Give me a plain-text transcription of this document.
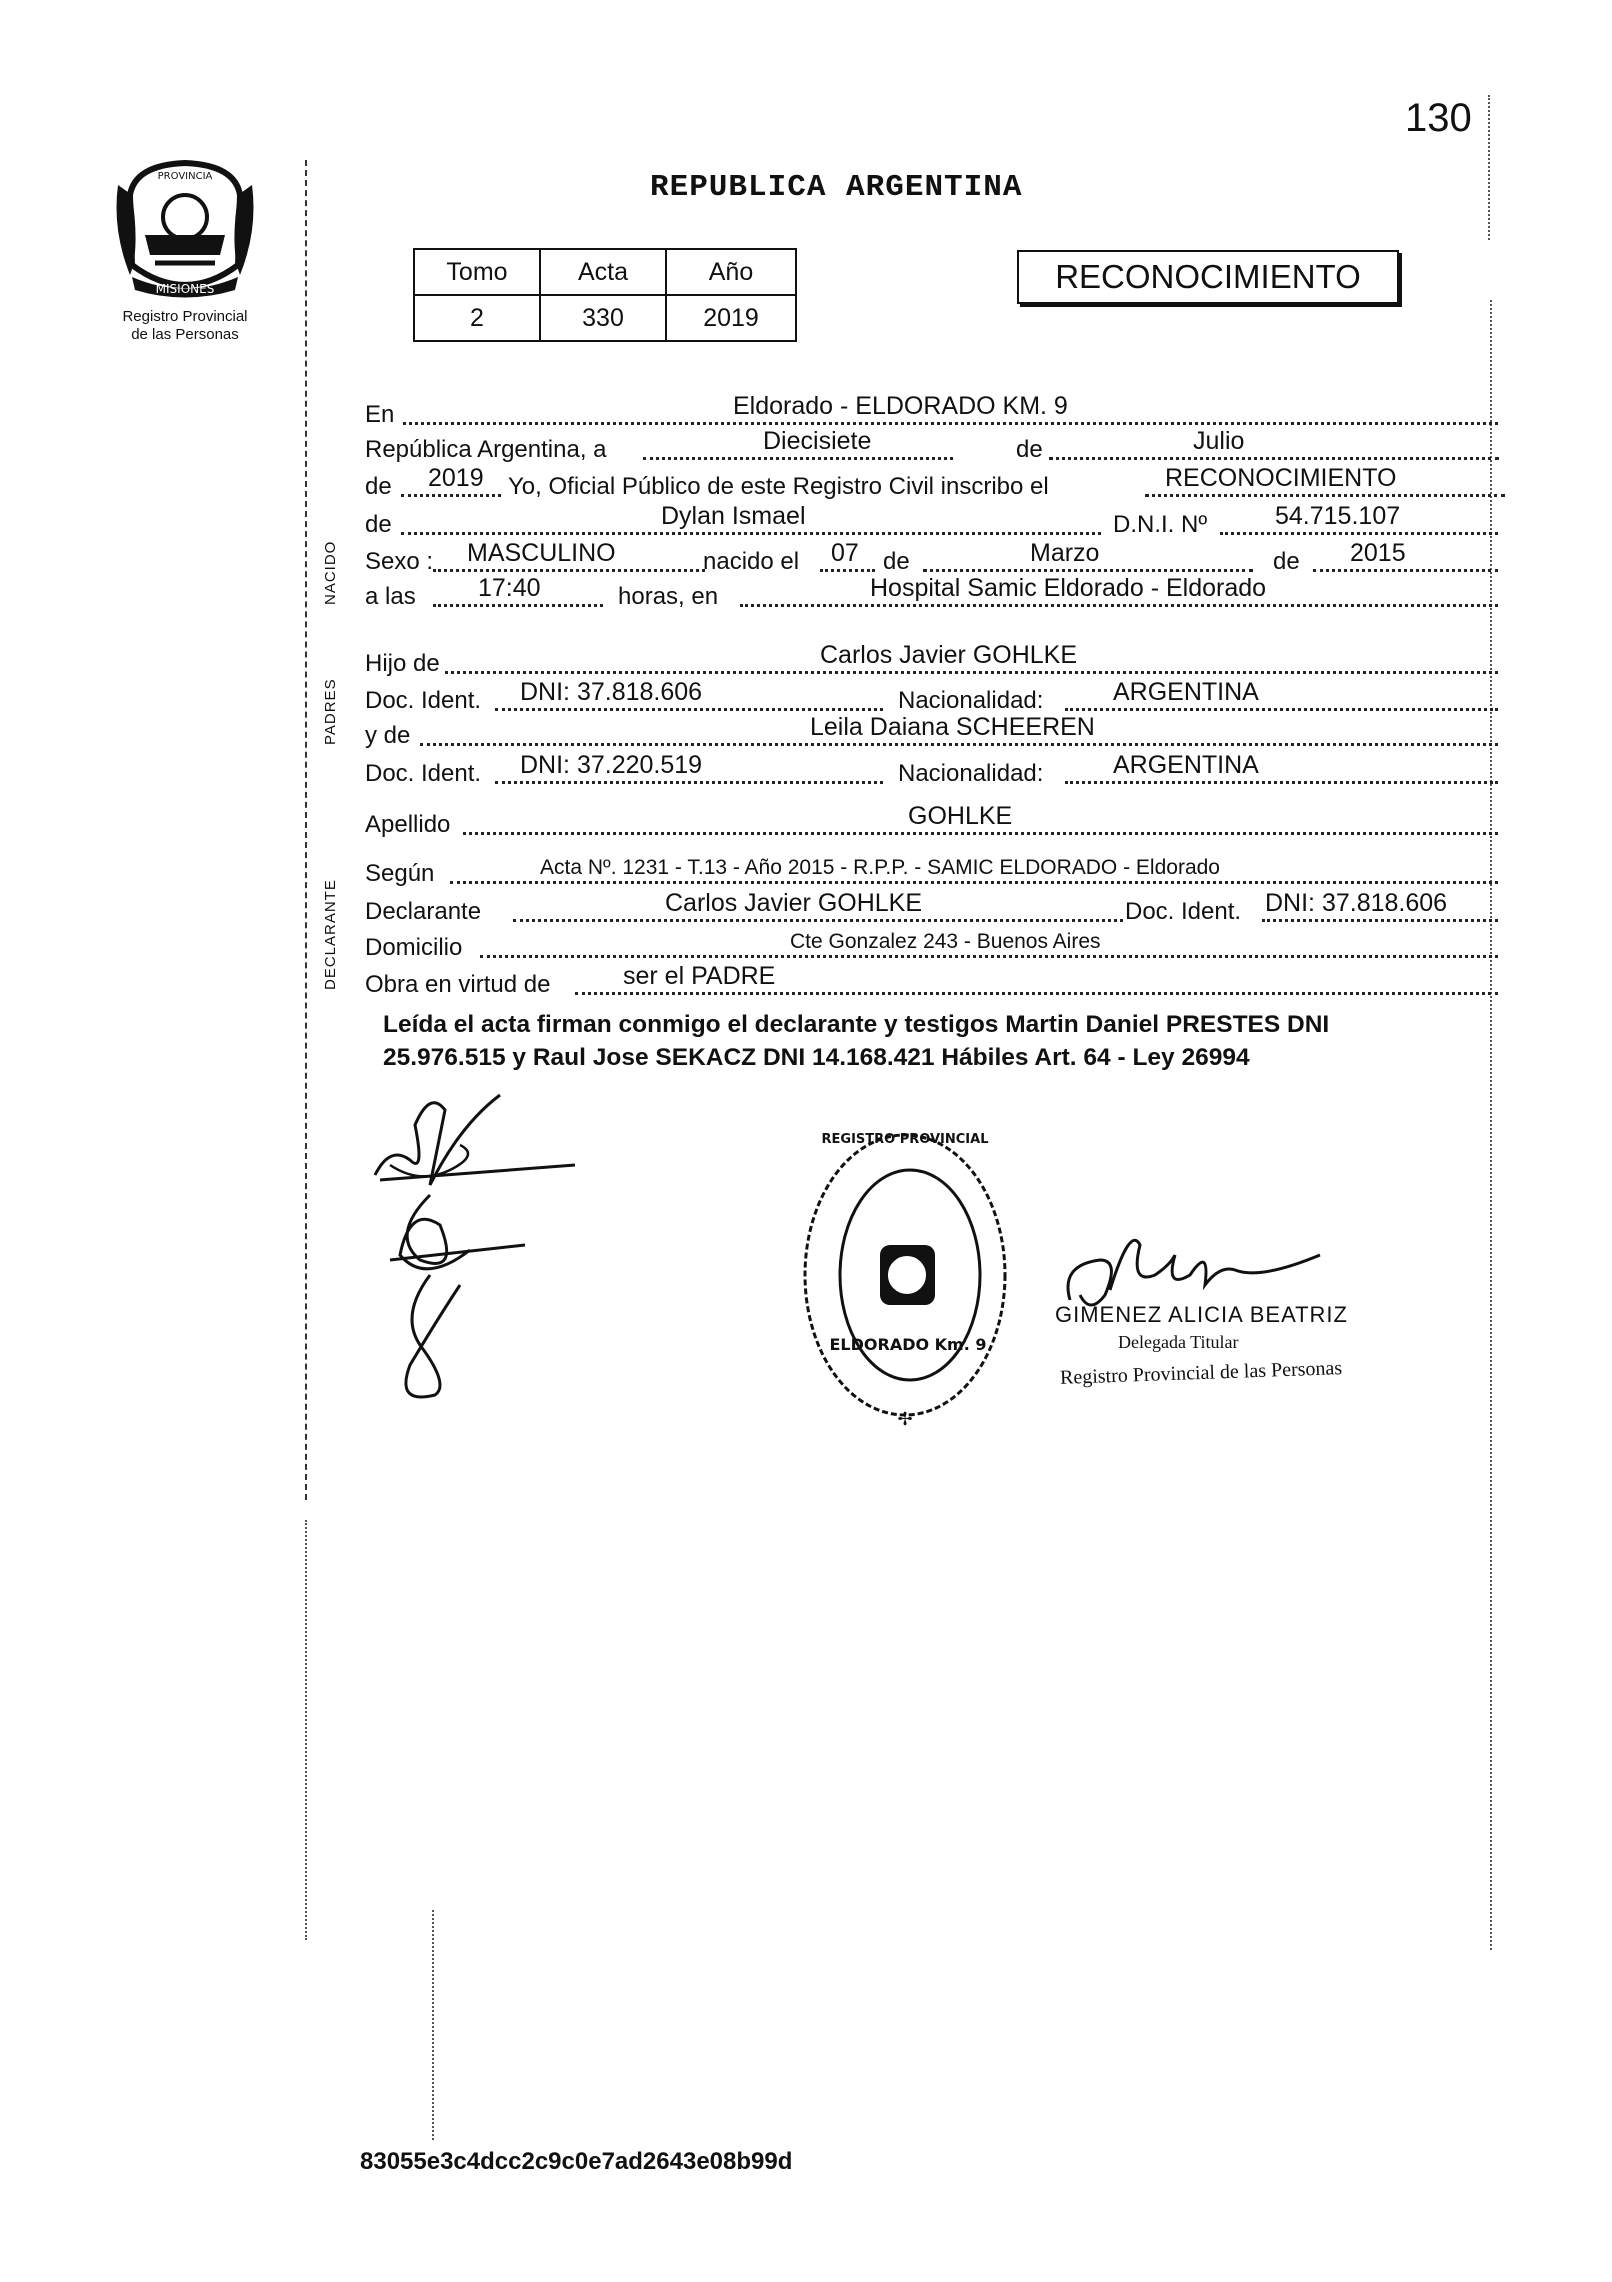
130
MISIONES
PROVINCIA
Registro Provincial
de las Personas
REPUBLICA ARGENTINA
Tomo	Acta	Año
2	330	2019
RECONOCIMIENTO
NACIDO
PADRES
DECLARANTE
En	Eldorado - ELDORADO KM. 9
República Argentina, a	Diecisiete	de	Julio
de 2019 Yo, Oficial Público de este Registro Civil inscribo el	RECONOCIMIENTO
de	Dylan Ismael	D.N.I. Nº	54.715.107
Sexo : MASCULINO	nacido el 07 de	Marzo	de 2015
a las 17:40	horas, en	Hospital Samic Eldorado - Eldorado
Hijo de	Carlos Javier GOHLKE
Doc. Ident. DNI: 37.818.606	Nacionalidad:	ARGENTINA
y de	Leila Daiana SCHEEREN
Doc. Ident. DNI: 37.220.519	Nacionalidad:	ARGENTINA
Apellido	GOHLKE
Según	Acta Nº. 1231 - T.13 - Año 2015 - R.P.P. - SAMIC ELDORADO - Eldorado
Declarante	Carlos Javier GOHLKE	Doc. Ident. DNI: 37.818.606
Domicilio	Cte Gonzalez 243 - Buenos Aires
Obra en virtud de	ser el PADRE
Leída el acta firman conmigo el declarante y testigos Martin Daniel PRESTES DNI
25.976.515 y Raul Jose SEKACZ DNI 14.168.421 Hábiles Art. 64 - Ley 26994
ELDORADO Km. 9
REGISTRO PROVINCIAL
✢
GIMENEZ ALICIA BEATRIZ
Delegada Titular
Registro Provincial de las Personas
83055e3c4dcc2c9c0e7ad2643e08b99d
